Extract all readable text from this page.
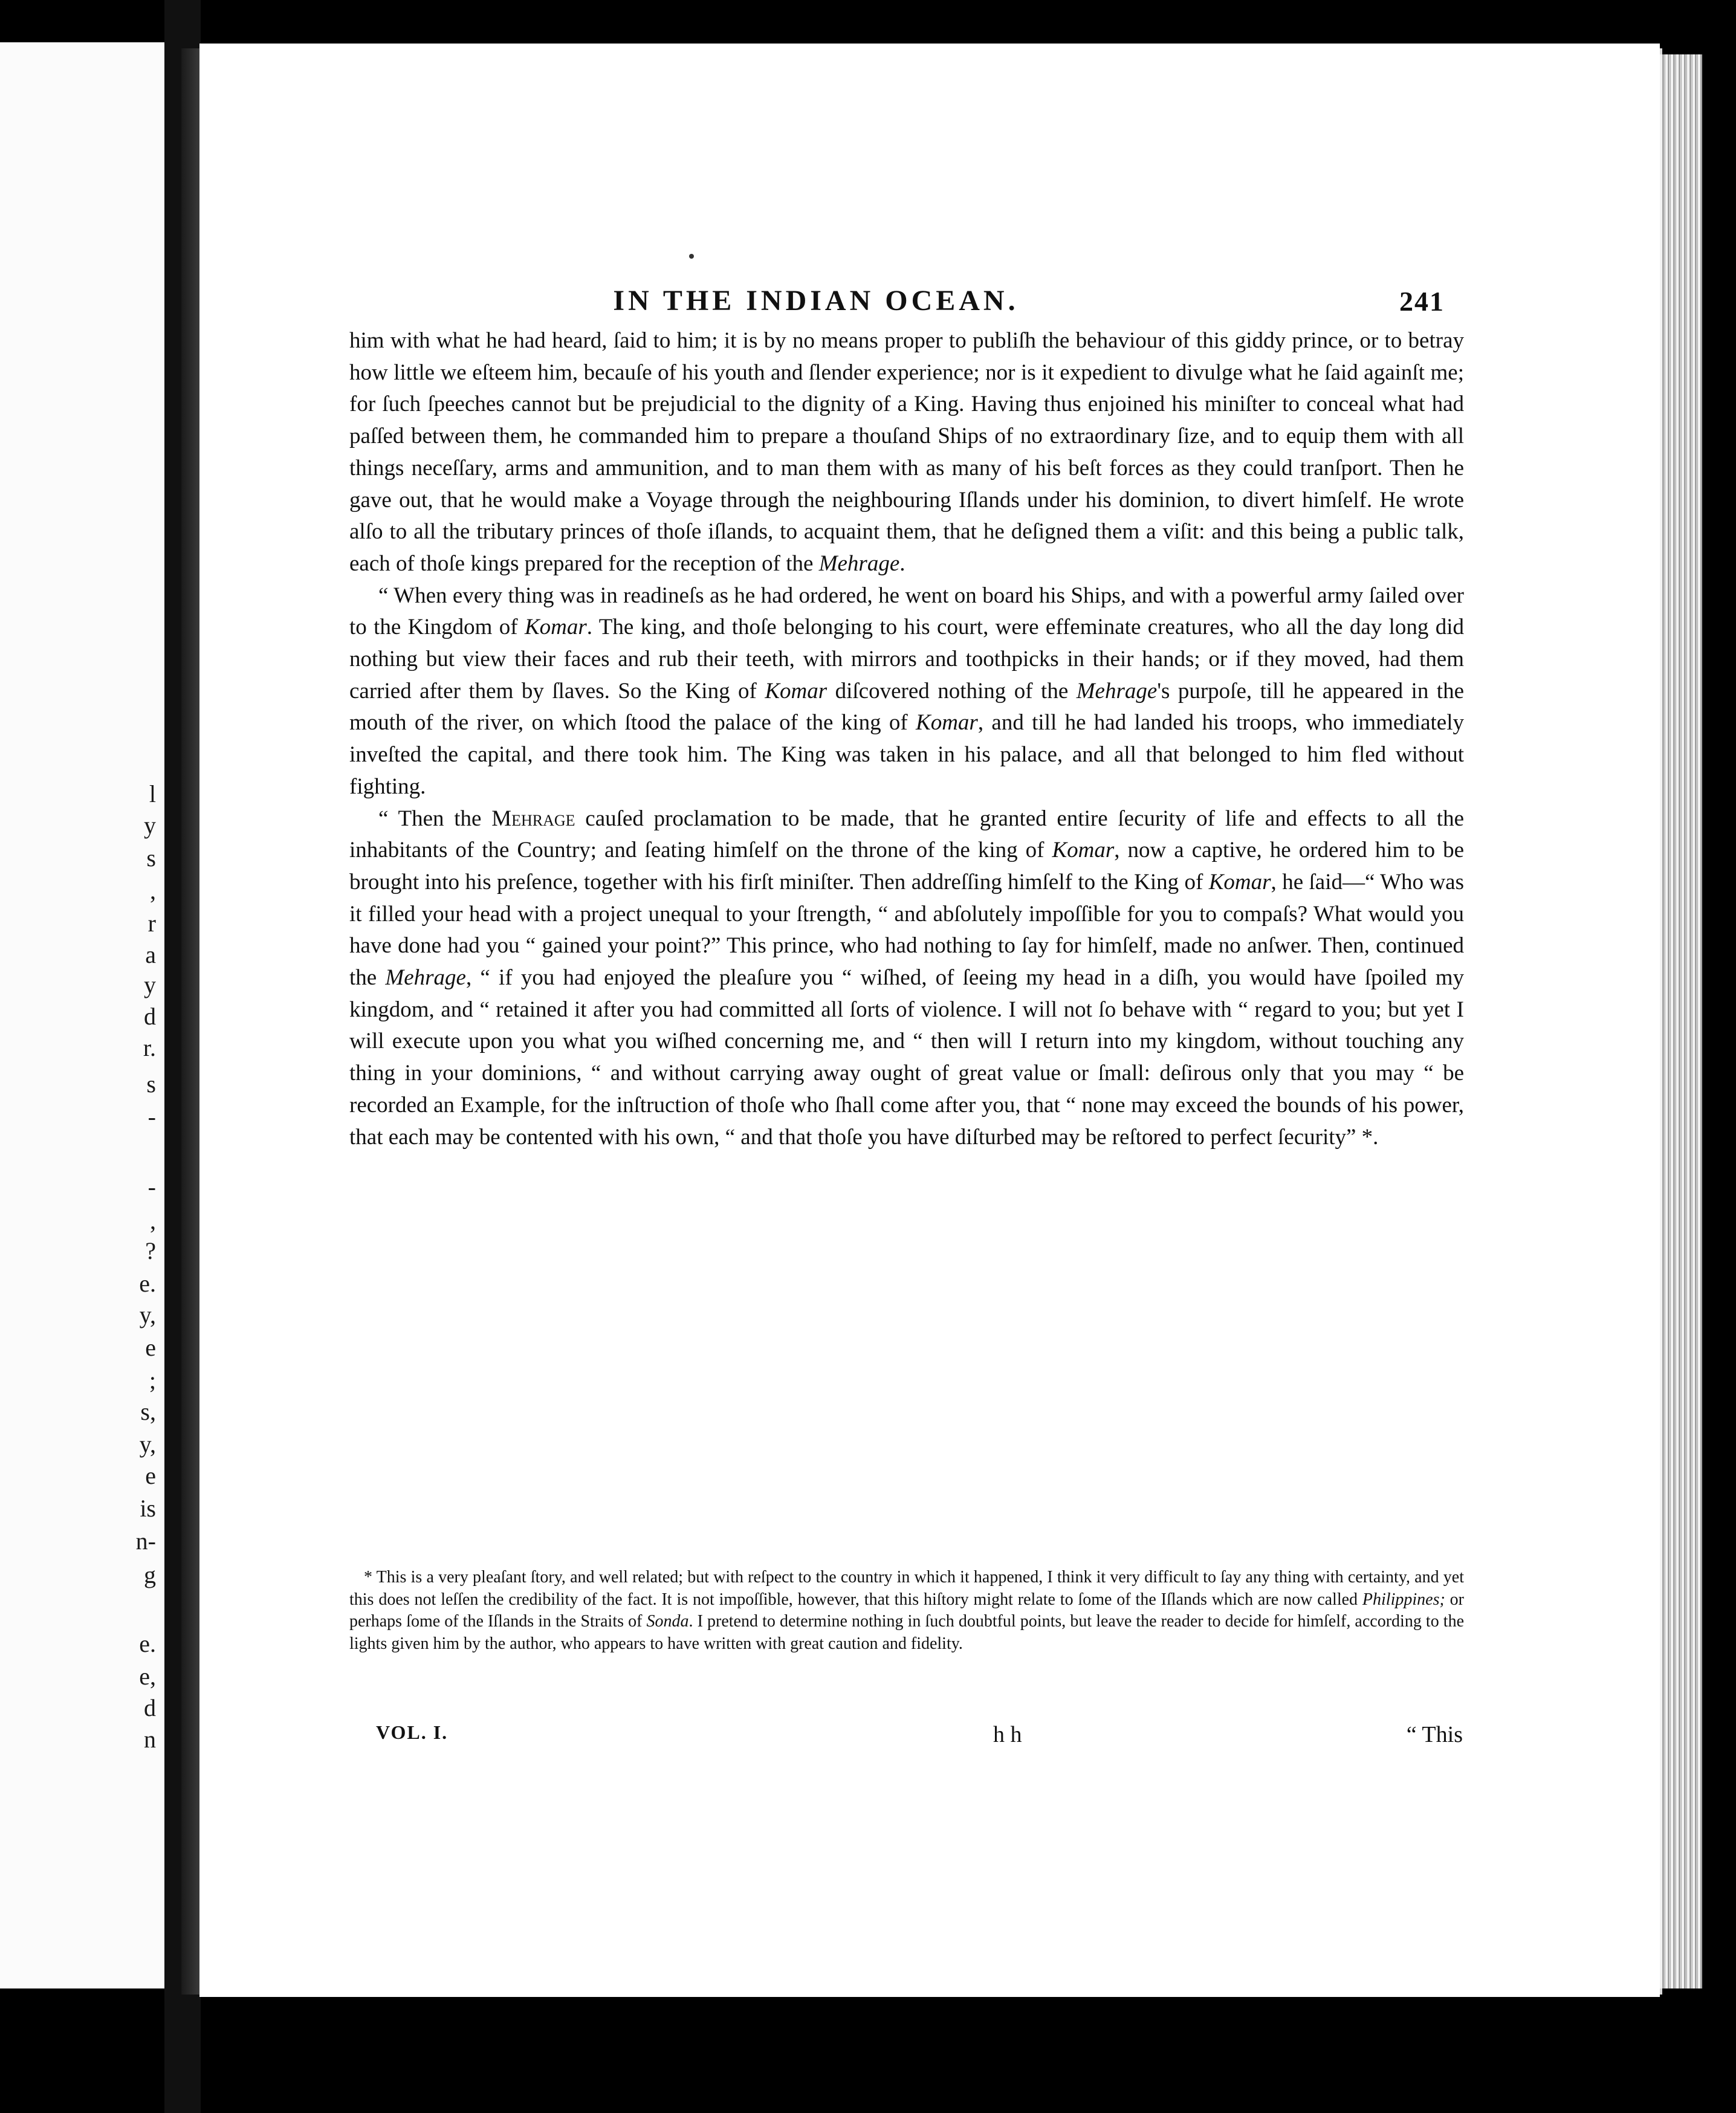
l
y
s
,
r
a
y
d
r.
s
-
-
,
?
e.
y,
e
;
s,
y,
e
is
n-
g
e.
e,
d
n
IN THE INDIAN OCEAN.	241

him with what he had heard, ſaid to him; it is by no means proper to publiſh the behaviour of this giddy prince, or to betray how little we eſteem him, becauſe of his youth and ſlender experience; nor is it expedient to divulge what he ſaid againſt me; for ſuch ſpeeches cannot but be prejudicial to the dignity of a King. Having thus enjoined his miniſter to conceal what had paſſed between them, he commanded him to prepare a thouſand Ships of no extraordinary ſize, and to equip them with all things neceſſary, arms and ammunition, and to man them with as many of his beſt forces as they could tranſport. Then he gave out, that he would make a Voyage through the neighbouring Iſlands under his dominion, to divert himſelf. He wrote alſo to all the tributary princes of thoſe iſlands, to acquaint them, that he deſigned them a viſit: and this being a public talk, each of thoſe kings prepared for the reception of the Mehrage.

“ When every thing was in readineſs as he had ordered, he went on board his Ships, and with a powerful army ſailed over to the Kingdom of Komar. The king, and thoſe belonging to his court, were effeminate creatures, who all the day long did nothing but view their faces and rub their teeth, with mirrors and toothpicks in their hands; or if they moved, had them carried after them by ſlaves. So the King of Komar diſcovered nothing of the Mehrage's purpoſe, till he appeared in the mouth of the river, on which ſtood the palace of the king of Komar, and till he had landed his troops, who immediately inveſted the capital, and there took him. The King was taken in his palace, and all that belonged to him fled without fighting.

“ Then the Mehrage cauſed proclamation to be made, that he granted entire ſecurity of life and effects to all the inhabitants of the Country; and ſeating himſelf on the throne of the king of Komar, now a captive, he ordered him to be brought into his preſence, together with his firſt miniſter. Then addreſſing himſelf to the King of Komar, he ſaid—“ Who was it filled your head with a project unequal to your ſtrength, “ and abſolutely impoſſible for you to compaſs? What would you have done had you “ gained your point?” This prince, who had nothing to ſay for himſelf, made no anſwer. Then, continued the Mehrage, “ if you had enjoyed the pleaſure you “ wiſhed, of ſeeing my head in a diſh, you would have ſpoiled my kingdom, and “ retained it after you had committed all ſorts of violence. I will not ſo behave with “ regard to you; but yet I will execute upon you what you wiſhed concerning me, and “ then will I return into my kingdom, without touching any thing in your dominions, “ and without carrying away ought of great value or ſmall: deſirous only that you may “ be recorded an Example, for the inſtruction of thoſe who ſhall come after you, that “ none may exceed the bounds of his power, that each may be contented with his own, “ and that thoſe you have diſturbed may be reſtored to perfect ſecurity” *.

* This is a very pleaſant ſtory, and well related; but with reſpect to the country in which it happened, I think it very difficult to ſay any thing with certainty, and yet this does not leſſen the credibility of the fact. It is not impoſſible, however, that this hiſtory might relate to ſome of the Iſlands which are now called Philippines; or perhaps ſome of the Iſlands in the Straits of Sonda. I pretend to determine nothing in ſuch doubtful points, but leave the reader to decide for himſelf, according to the lights given him by the author, who appears to have written with great caution and fidelity.

VOL. I.	h h	“ This
